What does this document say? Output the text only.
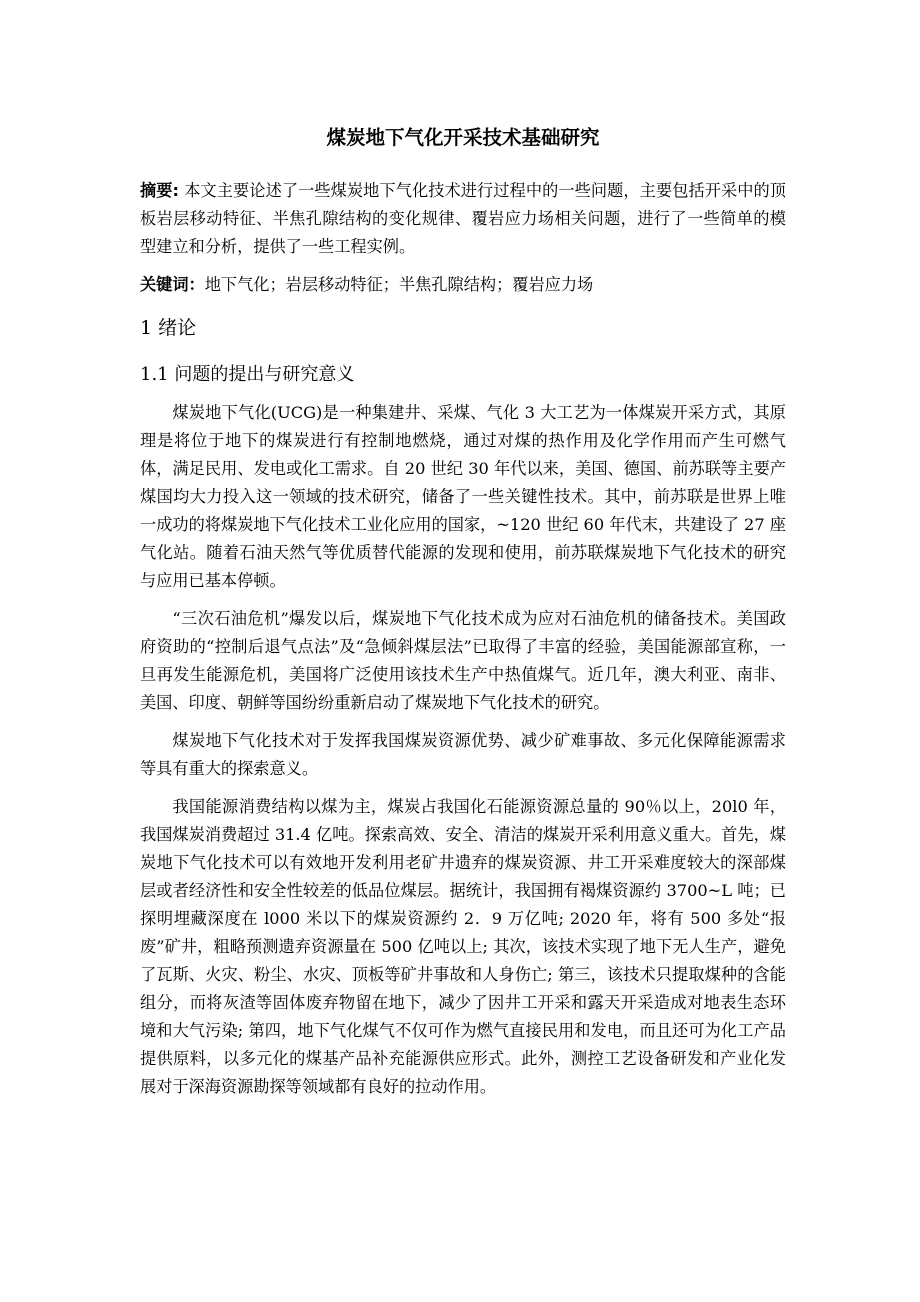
煤炭地下气化开采技术基础研究

摘要: 本文主要论述了一些煤炭地下气化技术进行过程中的一些问题，主要包括开采中的顶板岩层移动特征、半焦孔隙结构的变化规律、覆岩应力场相关问题，进行了一些简单的模型建立和分析，提供了一些工程实例。

关键词：地下气化；岩层移动特征；半焦孔隙结构；覆岩应力场

1 绪论
1.1 问题的提出与研究意义

煤炭地下气化(UCG)是一种集建井、采煤、气化 3 大工艺为一体煤炭开采方式，其原理是将位于地下的煤炭进行有控制地燃烧，通过对煤的热作用及化学作用而产生可燃气体，满足民用、发电或化工需求。自 20 世纪 30 年代以来，美国、德国、前苏联等主要产煤国均大力投入这一领域的技术研究，储备了一些关键性技术。其中，前苏联是世界上唯一成功的将煤炭地下气化技术工业化应用的国家，~120 世纪 60 年代末，共建设了 27 座气化站。随着石油天然气等优质替代能源的发现和使用，前苏联煤炭地下气化技术的研究与应用已基本停顿。

“三次石油危机”爆发以后，煤炭地下气化技术成为应对石油危机的储备技术。美国政府资助的“控制后退气点法”及“急倾斜煤层法”已取得了丰富的经验，美国能源部宣称，一旦再发生能源危机，美国将广泛使用该技术生产中热值煤气。近几年，澳大利亚、南非、美国、印度、朝鲜等国纷纷重新启动了煤炭地下气化技术的研究。

煤炭地下气化技术对于发挥我国煤炭资源优势、减少矿难事故、多元化保障能源需求等具有重大的探索意义。

我国能源消费结构以煤为主，煤炭占我国化石能源资源总量的 90％以上，20l0 年，我国煤炭消费超过 31.4 亿吨。探索高效、安全、清洁的煤炭开采利用意义重大。首先，煤炭地下气化技术可以有效地开发利用老矿井遗弃的煤炭资源、井工开采难度较大的深部煤层或者经济性和安全性较差的低品位煤层。据统计，我国拥有褐煤资源约 3700~L 吨；已探明埋藏深度在 l000 米以下的煤炭资源约 2．9 万亿吨; 2020 年，将有 500 多处“报废”矿井，粗略预测遗弃资源量在 500 亿吨以上; 其次，该技术实现了地下无人生产，避免了瓦斯、火灾、粉尘、水灾、顶板等矿井事故和人身伤亡; 第三，该技术只提取煤种的含能组分，而将灰渣等固体废弃物留在地下，减少了因井工开采和露天开采造成对地表生态环境和大气污染; 第四，地下气化煤气不仅可作为燃气直接民用和发电，而且还可为化工产品提供原料，以多元化的煤基产品补充能源供应形式。此外，测控工艺设备研发和产业化发展对于深海资源勘探等领域都有良好的拉动作用。
